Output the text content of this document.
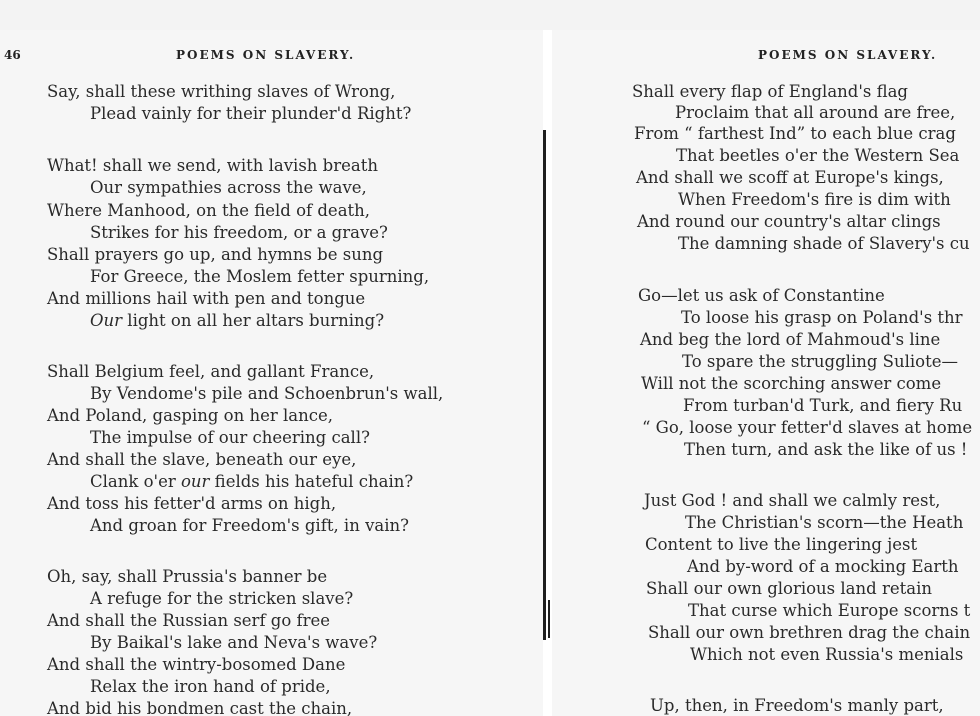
46	POEMS ON SLAVERY.
Say, shall these writhing slaves of Wrong,
Plead vainly for their plunder'd Right?
What! shall we send, with lavish breath
Our sympathies across the wave,
Where Manhood, on the field of death,
Strikes for his freedom, or a grave?
Shall prayers go up, and hymns be sung
For Greece, the Moslem fetter spurning,
And millions hail with pen and tongue
Our light on all her altars burning?
Shall Belgium feel, and gallant France,
By Vendome's pile and Schoenbrun's wall,
And Poland, gasping on her lance,
The impulse of our cheering call?
And shall the slave, beneath our eye,
Clank o'er our fields his hateful chain?
And toss his fetter'd arms on high,
And groan for Freedom's gift, in vain?
Oh, say, shall Prussia's banner be
A refuge for the stricken slave?
And shall the Russian serf go free
By Baikal's lake and Neva's wave?
And shall the wintry-bosomed Dane
Relax the iron hand of pride,
And bid his bondmen cast the chain,
POEMS ON SLAVERY.
Shall every flap of England's flag
Proclaim that all around are free,
From “ farthest Ind” to each blue crag
That beetles o'er the Western Sea
And shall we scoff at Europe's kings,
When Freedom's fire is dim with
And round our country's altar clings
The damning shade of Slavery's cu
Go—let us ask of Constantine
To loose his grasp on Poland's thr
And beg the lord of Mahmoud's line
To spare the struggling Suliote—
Will not the scorching answer come
From turban'd Turk, and fiery Ru
“ Go, loose your fetter'd slaves at home
Then turn, and ask the like of us !
Just God ! and shall we calmly rest,
The Christian's scorn—the Heath
Content to live the lingering jest
And by-word of a mocking Earth
Shall our own glorious land retain
That curse which Europe scorns t
Shall our own brethren drag the chain
Which not even Russia's menials
Up, then, in Freedom's manly part,
